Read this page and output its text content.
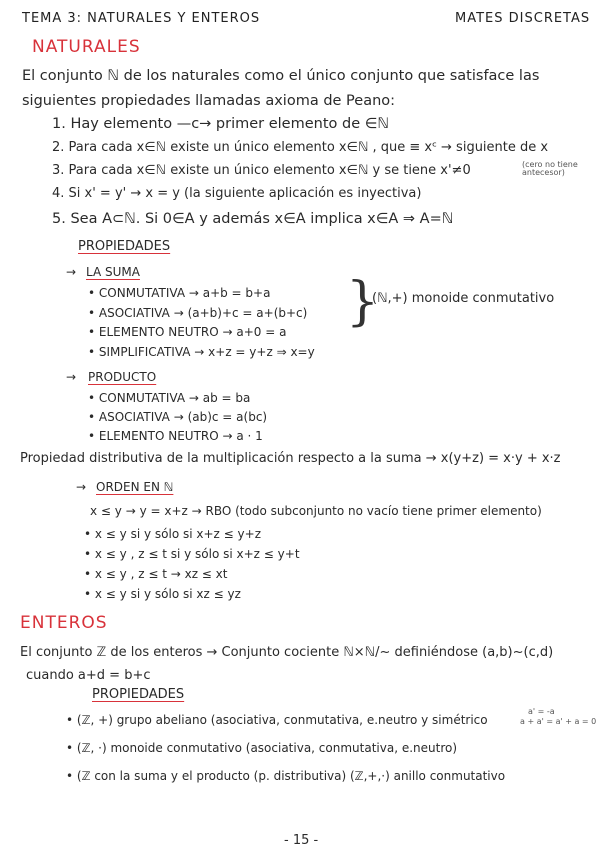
TEMA 3: NATURALES Y ENTEROS	MATES DISCRETAS
NATURALES
El conjunto ℕ de los naturales como el único conjunto que satisface las
siguientes propiedades llamadas axioma de Peano:
1. Hay elemento —c→ primer elemento de ∈ℕ
2. Para cada x∈ℕ existe un único elemento x∈ℕ , que ≡ xᶜ → siguiente de x
3. Para cada x∈ℕ existe un único elemento x∈ℕ y se tiene x'≠0	(cero no tiene antecesor)
4. Si x' = y' → x = y (la siguiente aplicación es inyectiva)
5. Sea A⊂ℕ. Si 0∈A y además x∈A implica x∈A ⇒ A=ℕ
PROPIEDADES
→ LA SUMA
• CONMUTATIVA → a+b = b+a
• ASOCIATIVA → (a+b)+c = a+(b+c)
• ELEMENTO NEUTRO → a+0 = a
• SIMPLIFICATIVA → x+z = y+z ⇒ x=y
}
(ℕ,+) monoide conmutativo
→ PRODUCTO
• CONMUTATIVA → ab = ba
• ASOCIATIVA → (ab)c = a(bc)
• ELEMENTO NEUTRO → a · 1
Propiedad distributiva de la multiplicación respecto a la suma → x(y+z) = x·y + x·z
→ ORDEN EN ℕ
x ≤ y → y = x+z → RBO (todo subconjunto no vacío tiene primer elemento)
• x ≤ y si y sólo si x+z ≤ y+z
• x ≤ y , z ≤ t si y sólo si x+z ≤ y+t
• x ≤ y , z ≤ t → xz ≤ xt
• x ≤ y si y sólo si xz ≤ yz
ENTEROS
El conjunto ℤ de los enteros → Conjunto cociente ℕ×ℕ/~ definiéndose (a,b)~(c,d)
cuando a+d = b+c
PROPIEDADES
• (ℤ, +) grupo abeliano (asociativa, conmutativa, e.neutro y simétrico
a' = -a
a + a' = a' + a = 0
• (ℤ, ·) monoide conmutativo (asociativa, conmutativa, e.neutro)
• (ℤ con la suma y el producto (p. distributiva) (ℤ,+,·) anillo conmutativo
- 15 -
